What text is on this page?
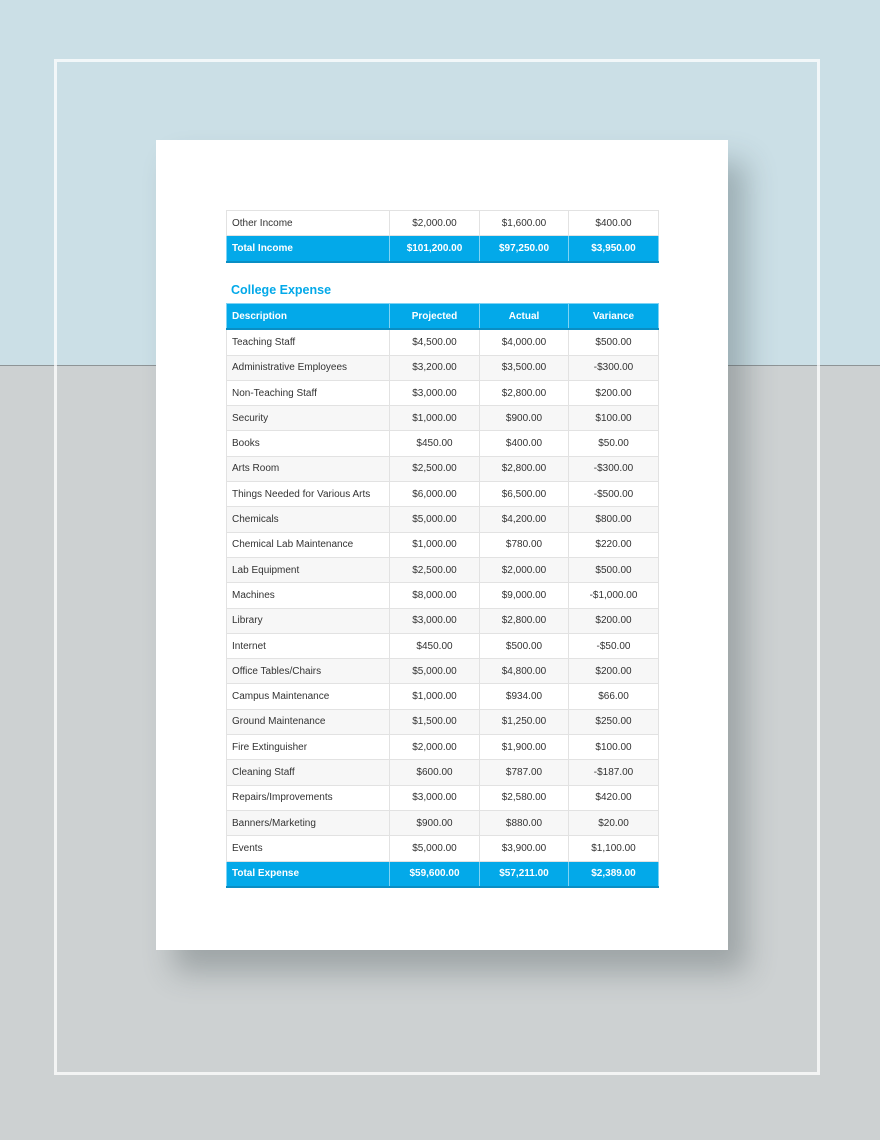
Other Income	$2,000.00	$1,600.00	$400.00
Total Income	$101,200.00	$97,250.00	$3,950.00
College Expense
Description	Projected	Actual	Variance
Teaching Staff	$4,500.00	$4,000.00	$500.00
Administrative Employees	$3,200.00	$3,500.00	-$300.00
Non-Teaching Staff	$3,000.00	$2,800.00	$200.00
Security	$1,000.00	$900.00	$100.00
Books	$450.00	$400.00	$50.00
Arts Room	$2,500.00	$2,800.00	-$300.00
Things Needed for Various Arts	$6,000.00	$6,500.00	-$500.00
Chemicals	$5,000.00	$4,200.00	$800.00
Chemical Lab Maintenance	$1,000.00	$780.00	$220.00
Lab Equipment	$2,500.00	$2,000.00	$500.00
Machines	$8,000.00	$9,000.00	-$1,000.00
Library	$3,000.00	$2,800.00	$200.00
Internet	$450.00	$500.00	-$50.00
Office Tables/Chairs	$5,000.00	$4,800.00	$200.00
Campus Maintenance	$1,000.00	$934.00	$66.00
Ground Maintenance	$1,500.00	$1,250.00	$250.00
Fire Extinguisher	$2,000.00	$1,900.00	$100.00
Cleaning Staff	$600.00	$787.00	-$187.00
Repairs/Improvements	$3,000.00	$2,580.00	$420.00
Banners/Marketing	$900.00	$880.00	$20.00
Events	$5,000.00	$3,900.00	$1,100.00
Total Expense	$59,600.00	$57,211.00	$2,389.00
